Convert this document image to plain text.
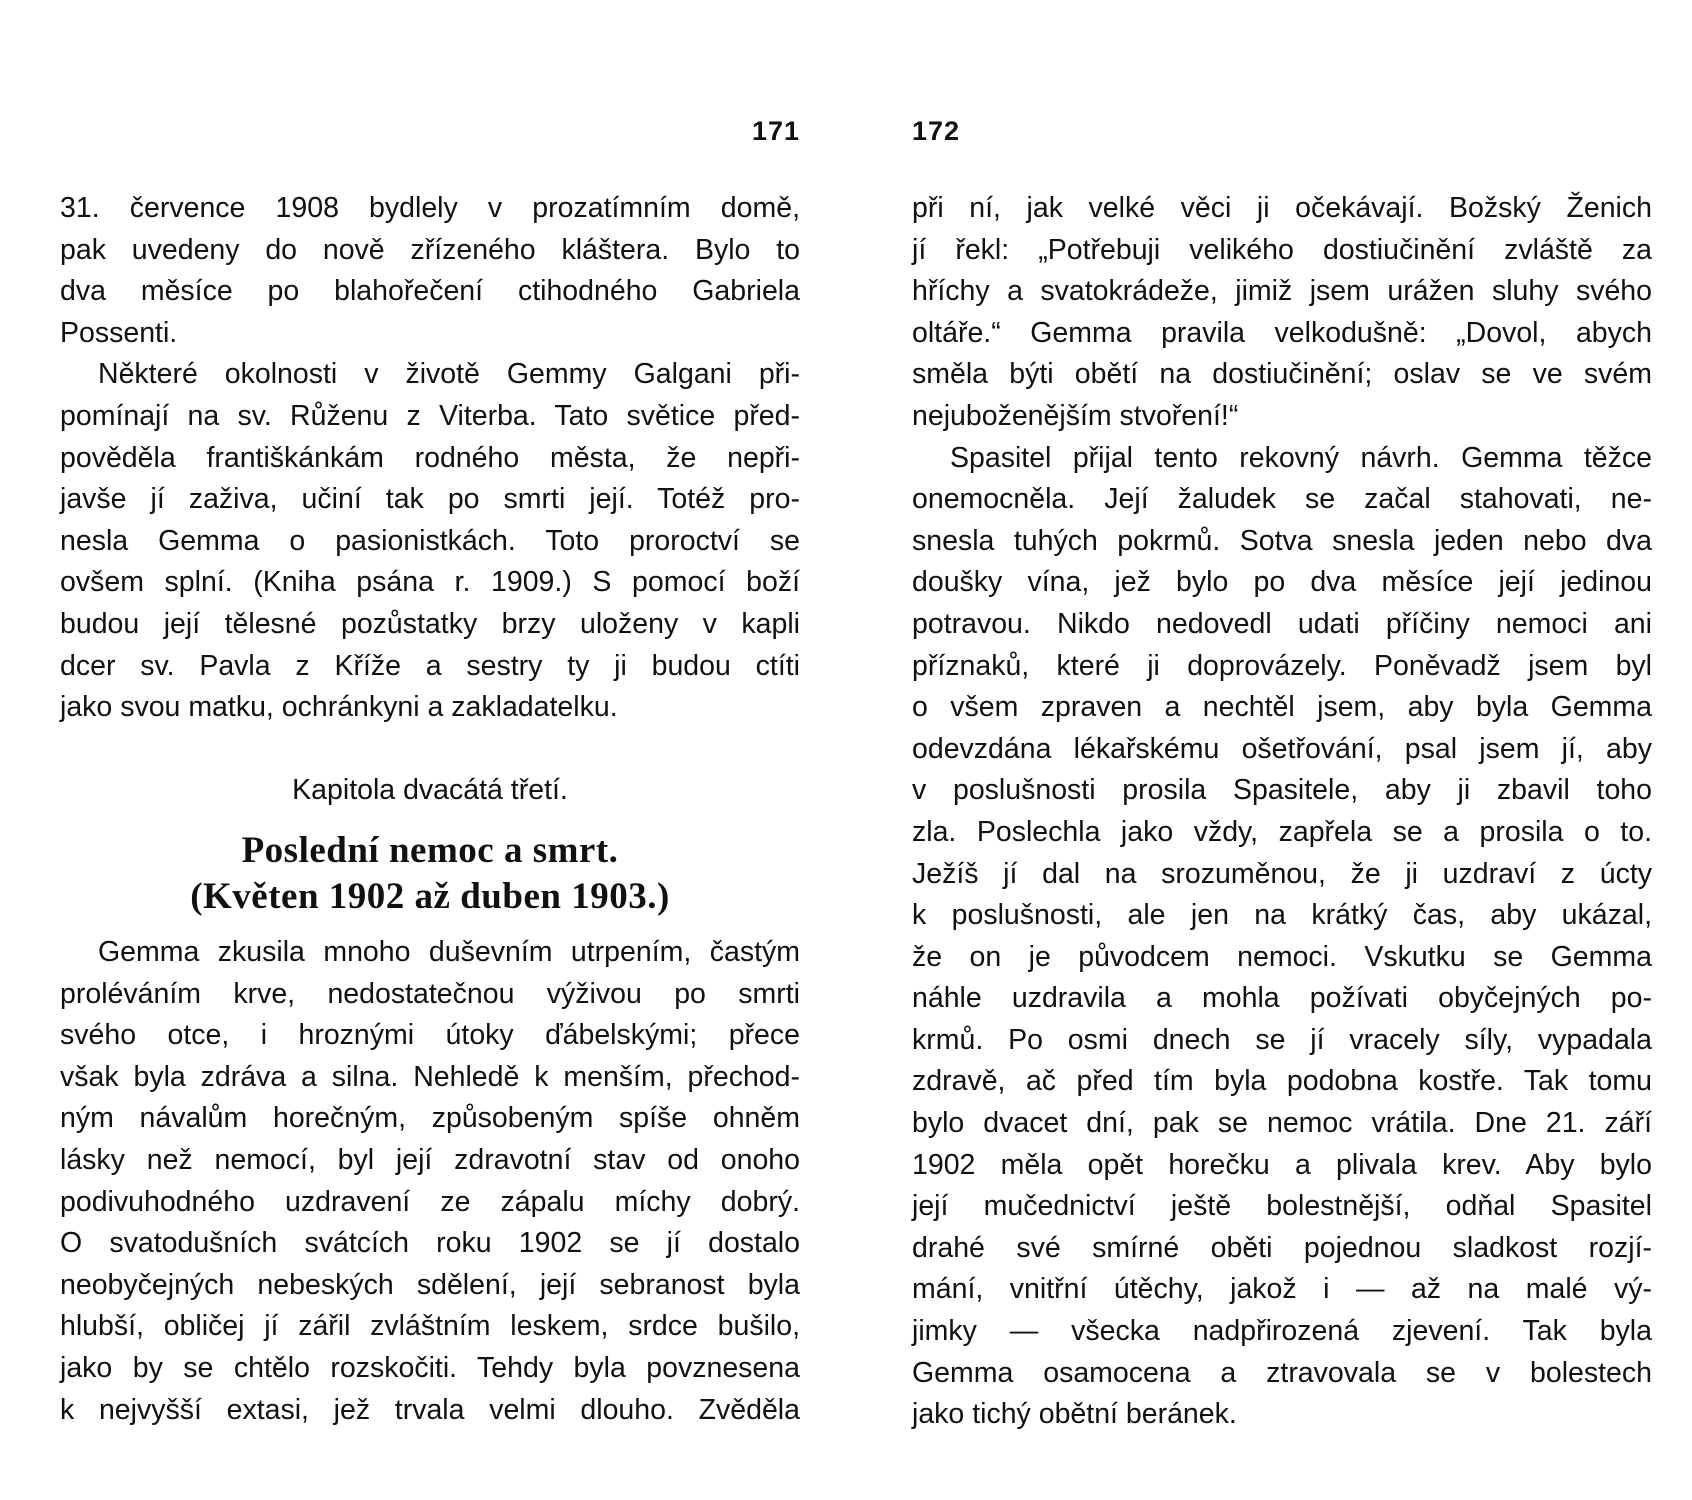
171
31. července 1908 bydlely v prozatímním domě,
pak uvedeny do nově zřízeného kláštera. Bylo to
dva měsíce po blahořečení ctihodného Gabriela
Possenti.
Některé okolnosti v životě Gemmy Galgani při-
pomínají na sv. Růženu z Viterba. Tato světice před-
pověděla františkánkám rodného města, že nepři-
javše jí zaživa, učiní tak po smrti její. Totéž pro-
nesla Gemma o pasionistkách. Toto proroctví se
ovšem splní. (Kniha psána r. 1909.) S pomocí boží
budou její tělesné pozůstatky brzy uloženy v kapli
dcer sv. Pavla z Kříže a sestry ty ji budou ctíti
jako svou matku, ochránkyni a zakladatelku.
Kapitola dvacátá třetí.
Poslední nemoc a smrt.
(Květen 1902 až duben 1903.)
Gemma zkusila mnoho duševním utrpením, častým
proléváním krve, nedostatečnou výživou po smrti
svého otce, i hroznými útoky ďábelskými; přece
však byla zdráva a silna. Nehledě k menším, přechod-
ným návalům horečným, způsobeným spíše ohněm
lásky než nemocí, byl její zdravotní stav od onoho
podivuhodného uzdravení ze zápalu míchy dobrý.
O svatodušních svátcích roku 1902 se jí dostalo
neobyčejných nebeských sdělení, její sebranost byla
hlubší, obličej jí zářil zvláštním leskem, srdce bušilo,
jako by se chtělo rozskočiti. Tehdy byla povznesena
k nejvyšší extasi, jež trvala velmi dlouho. Zvěděla
172
při ní, jak velké věci ji očekávají. Božský Ženich
jí řekl: „Potřebuji velikého dostiučinění zvláště za
hříchy a svatokrádeže, jimiž jsem urážen sluhy svého
oltáře.“ Gemma pravila velkodušně: „Dovol, abych
směla býti obětí na dostiučinění; oslav se ve svém
nejuboženějším stvoření!“
Spasitel přijal tento rekovný návrh. Gemma těžce
onemocněla. Její žaludek se začal stahovati, ne-
snesla tuhých pokrmů. Sotva snesla jeden nebo dva
doušky vína, jež bylo po dva měsíce její jedinou
potravou. Nikdo nedovedl udati příčiny nemoci ani
příznaků, které ji doprovázely. Poněvadž jsem byl
o všem zpraven a nechtěl jsem, aby byla Gemma
odevzdána lékařskému ošetřování, psal jsem jí, aby
v poslušnosti prosila Spasitele, aby ji zbavil toho
zla. Poslechla jako vždy, zapřela se a prosila o to.
Ježíš jí dal na srozuměnou, že ji uzdraví z úcty
k poslušnosti, ale jen na krátký čas, aby ukázal,
že on je původcem nemoci. Vskutku se Gemma
náhle uzdravila a mohla požívati obyčejných po-
krmů. Po osmi dnech se jí vracely síly, vypadala
zdravě, ač před tím byla podobna kostře. Tak tomu
bylo dvacet dní, pak se nemoc vrátila. Dne 21. září
1902 měla opět horečku a plivala krev. Aby bylo
její mučednictví ještě bolestnější, odňal Spasitel
drahé své smírné oběti pojednou sladkost rozjí-
mání, vnitřní útěchy, jakož i — až na malé vý-
jimky — všecka nadpřirozená zjevení. Tak byla
Gemma osamocena a ztravovala se v bolestech
jako tichý obětní beránek.
